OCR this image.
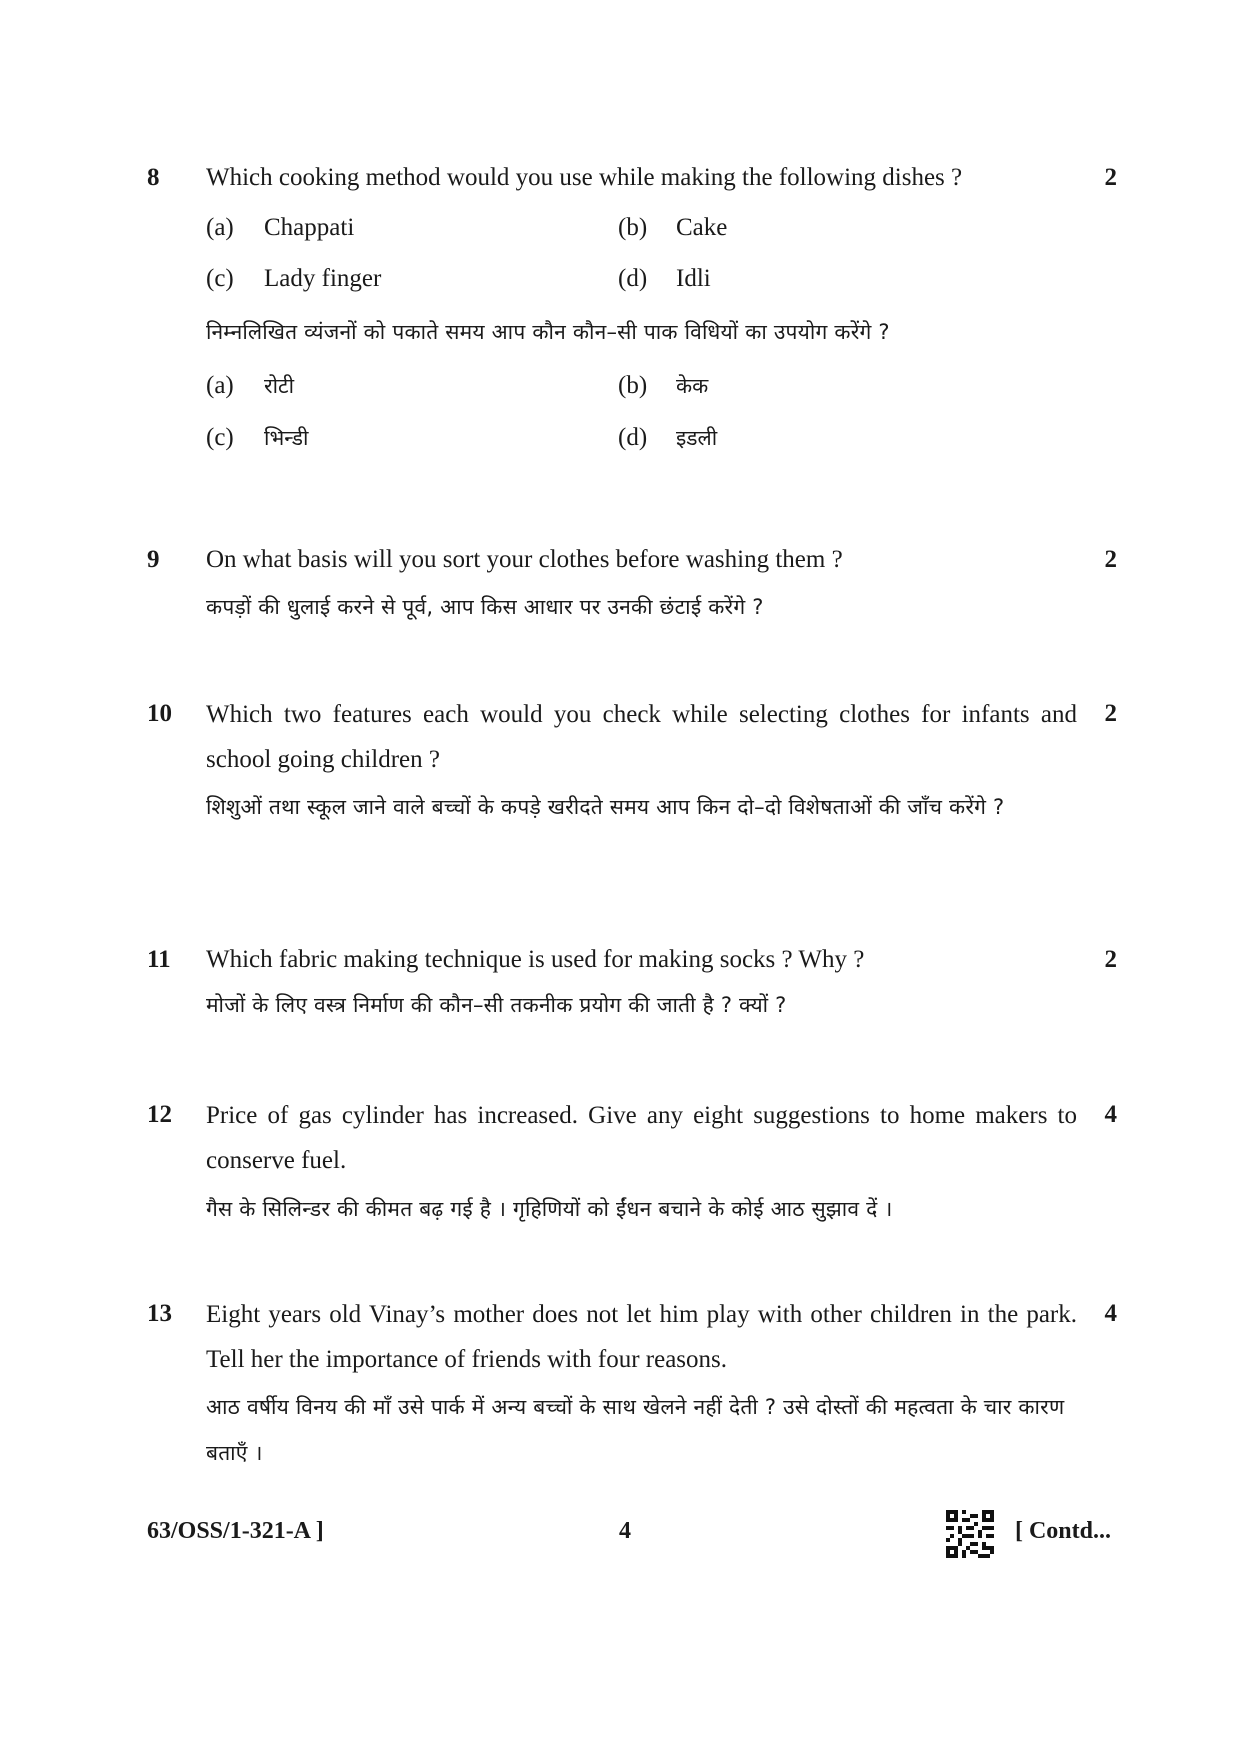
8	2

Which cooking method would you use while making the following dishes ?

(a)	Chappati	(b)	Cake
(c)	Lady finger	(d)	Idli

निम्नलिखित व्यंजनों को पकाते समय आप कौन कौन–सी पाक विधियों का उपयोग करेंगे ?

(a)	रोटी	(b)	केक
(c)	भिन्डी	(d)	इडली
9	2

On what basis will you sort your clothes before washing them ?

कपड़ों की धुलाई करने से पूर्व, आप किस आधार पर उनकी छंटाई करेंगे ?

10	2

Which two features each would you check while selecting clothes for infants and school going children ?

शिशुओं तथा स्कूल जाने वाले बच्चों के कपड़े खरीदते समय आप किन दो–दो विशेषताओं की जाँच करेंगे ?

11	2

Which fabric making technique is used for making socks ? Why ?

मोजों के लिए वस्त्र निर्माण की कौन–सी तकनीक प्रयोग की जाती है ? क्यों ?

12	4

Price of gas cylinder has increased. Give any eight suggestions to home makers to conserve fuel.

गैस के सिलिन्डर की कीमत बढ़ गई है । गृहिणियों को ईंधन बचाने के कोई आठ सुझाव दें ।

13	4

Eight years old Vinay’s mother does not let him play with other children in the park. Tell her the importance of friends with four reasons.

आठ वर्षीय विनय की माँ उसे पार्क में अन्य बच्चों के साथ खेलने नहीं देती ? उसे दोस्तों की महत्वता के चार कारण बताएँ ।

63/OSS/1-321-A ]	4	[ Contd...
